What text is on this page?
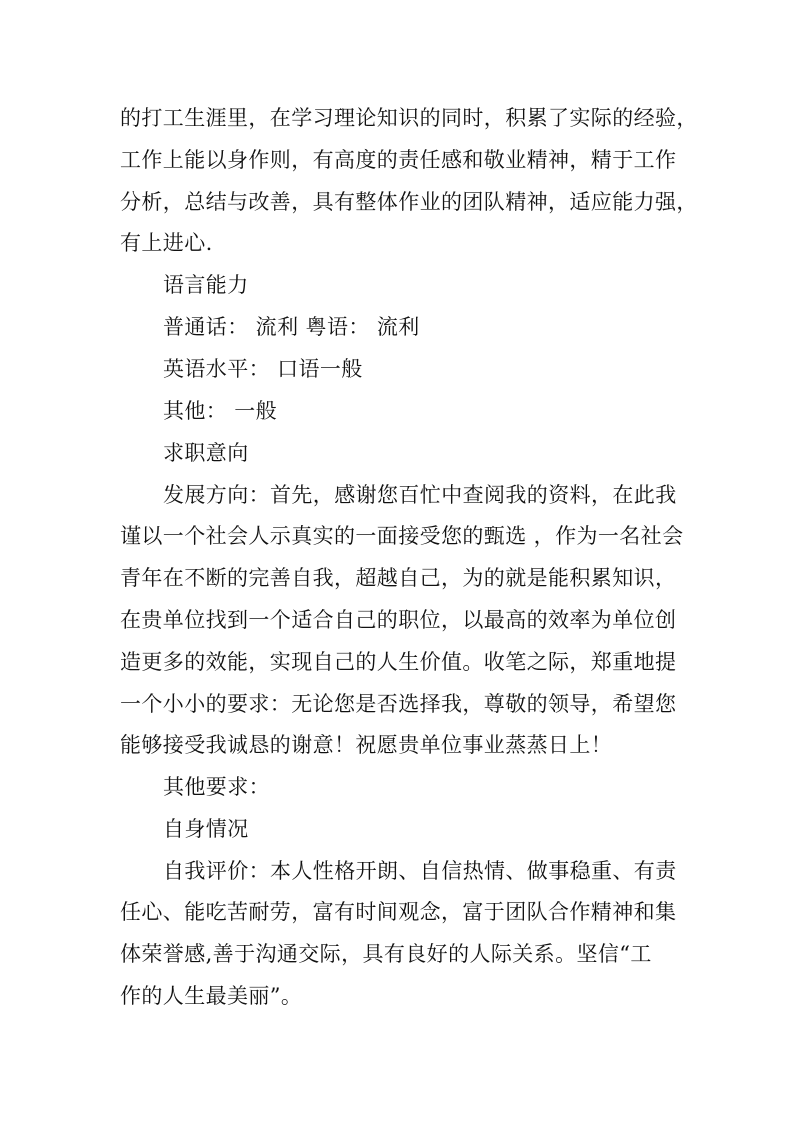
的打工生涯里，在学习理论知识的同时，积累了实际的经验，
工作上能以身作则，有高度的责任感和敬业精神，精于工作
分析，总结与改善，具有整体作业的团队精神，适应能力强，
有上进心.
语言能力
普通话： 流利 粤语： 流利
英语水平： 口语一般
其他： 一般
求职意向
发展方向：首先，感谢您百忙中查阅我的资料，在此我
谨以一个社会人示真实的一面接受您的甄选 ，作为一名社会
青年在不断的完善自我，超越自己，为的就是能积累知识，
在贵单位找到一个适合自己的职位，以最高的效率为单位创
造更多的效能，实现自己的人生价值。收笔之际，郑重地提
一个小小的要求：无论您是否选择我，尊敬的领导，希望您
能够接受我诚恳的谢意！祝愿贵单位事业蒸蒸日上！
其他要求：
自身情况
自我评价：本人性格开朗、自信热情、做事稳重、有责
任心、能吃苦耐劳，富有时间观念，富于团队合作精神和集
体荣誉感,善于沟通交际，具有良好的人际关系。坚信“工
作的人生最美丽”。
